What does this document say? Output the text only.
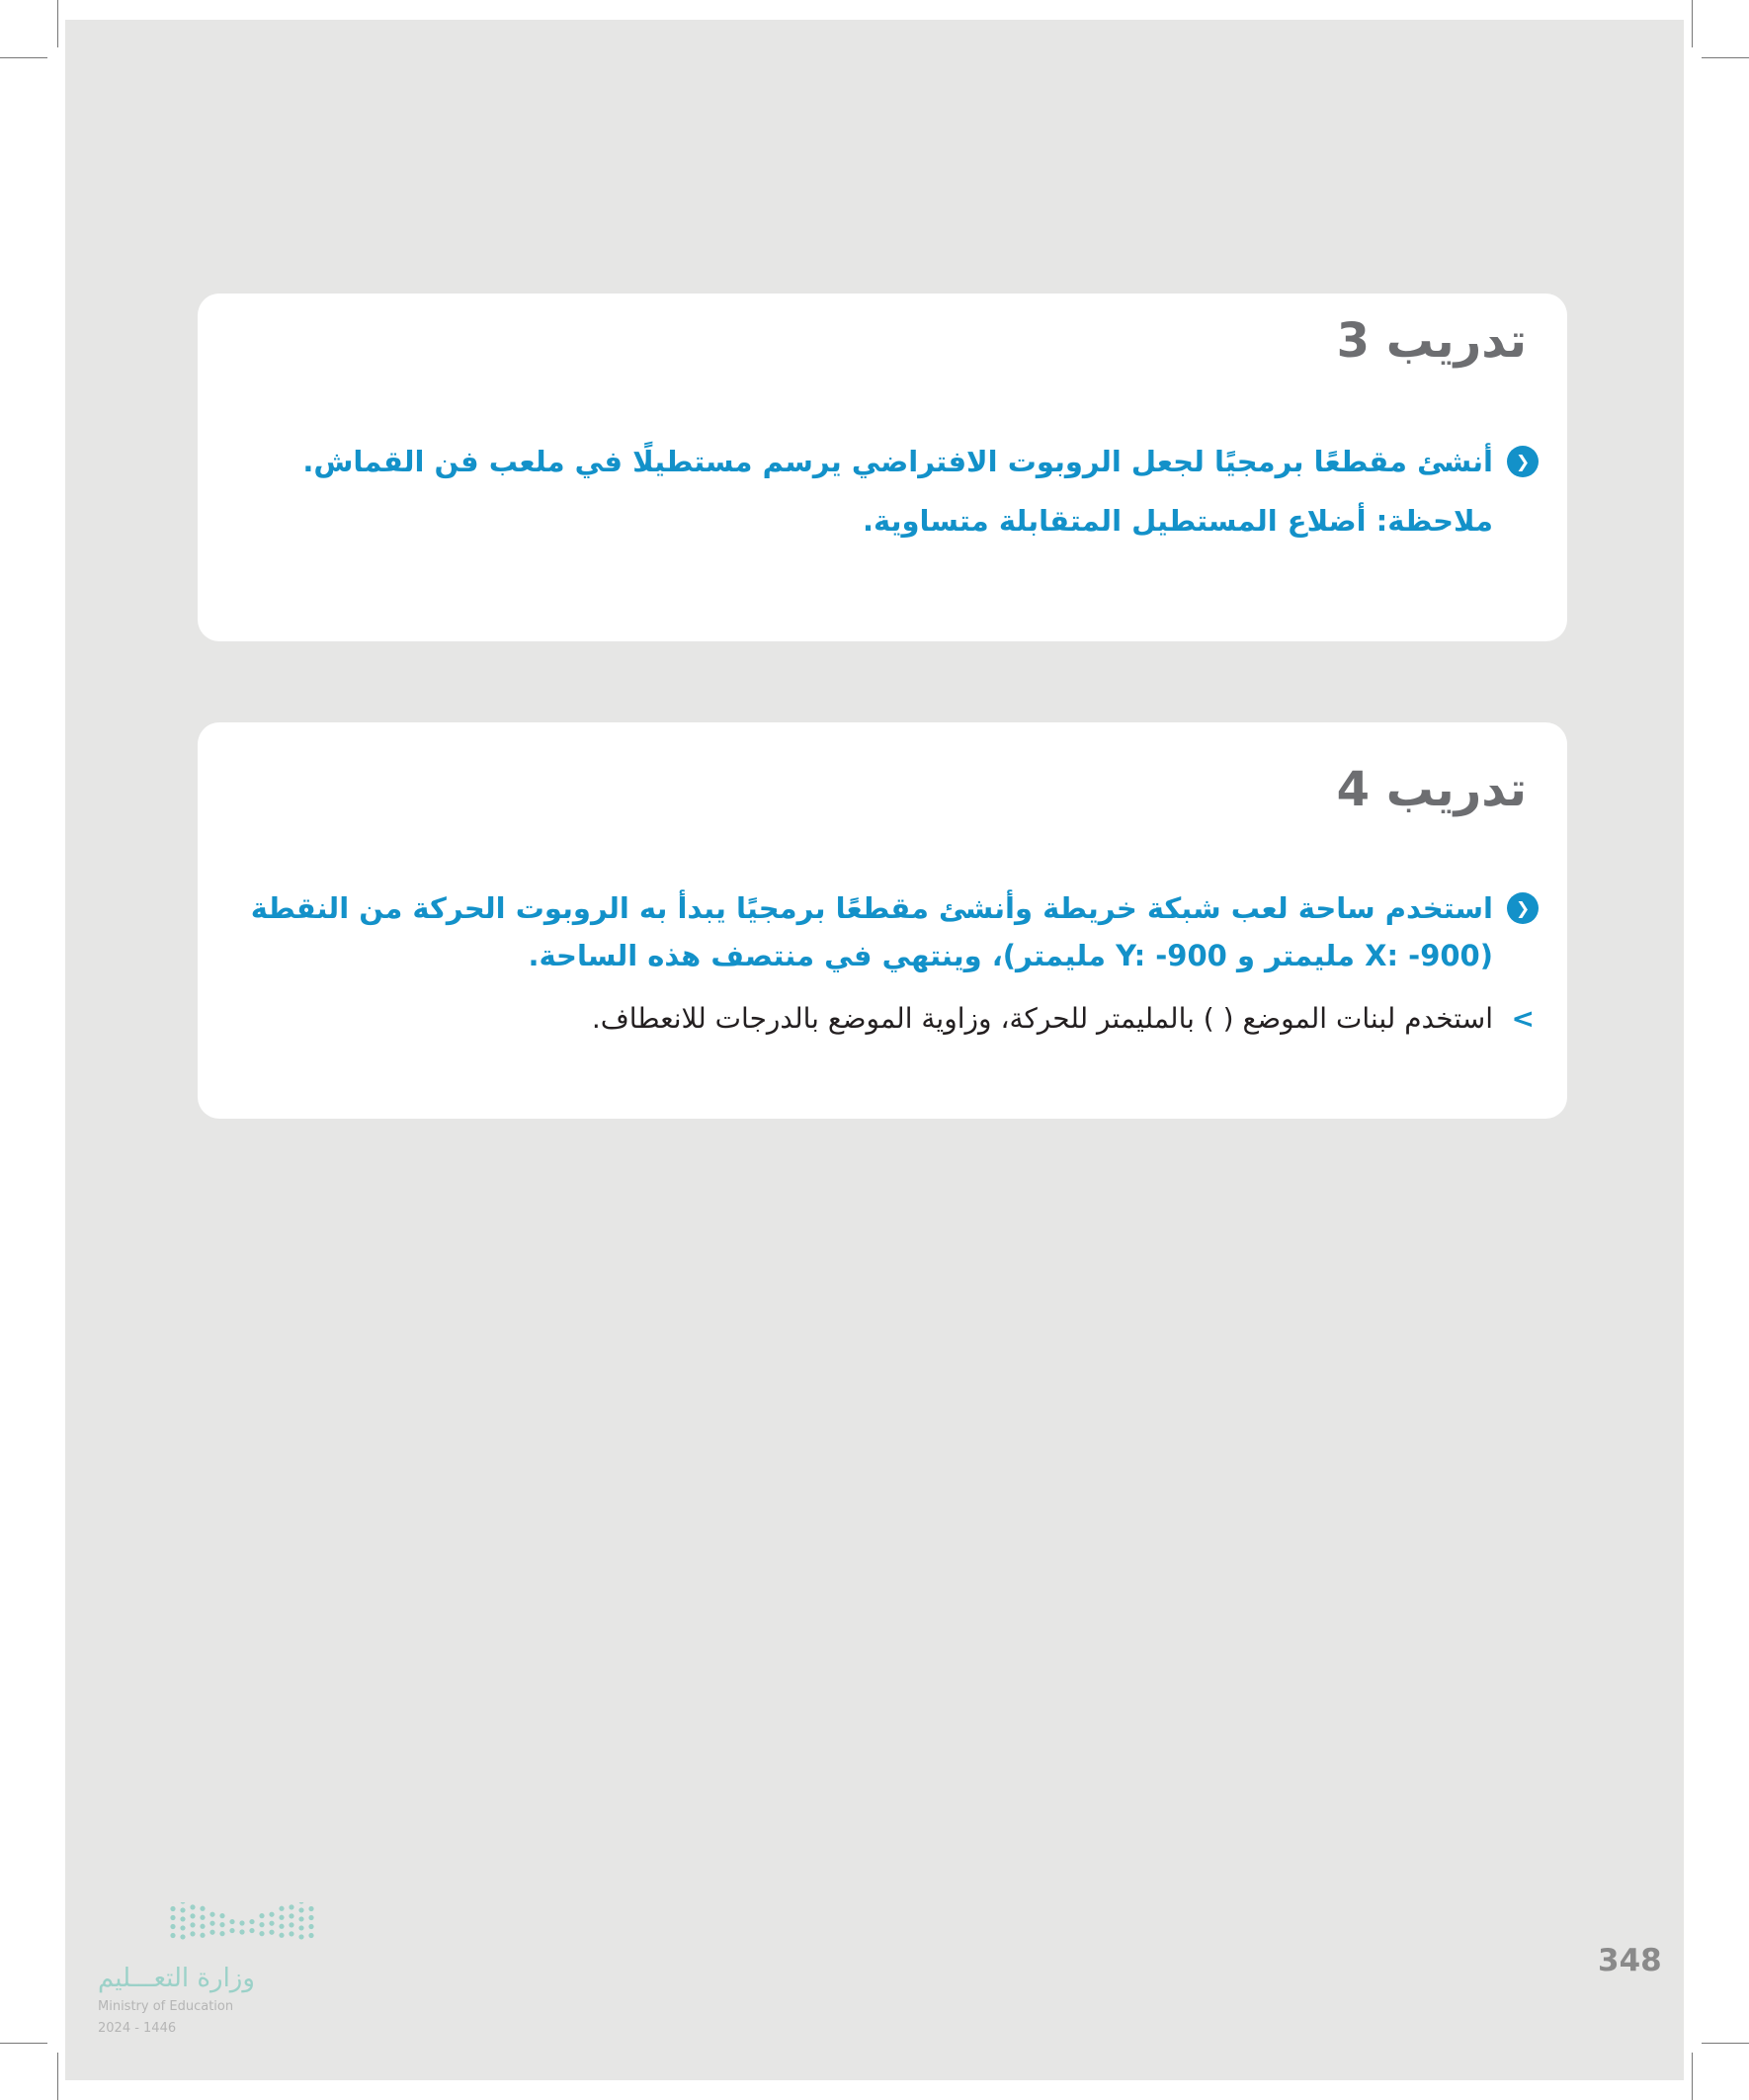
تدريب 3
❯
أنشئ مقطعًا برمجيًا لجعل الروبوت الافتراضي يرسم مستطيلًا في ملعب فن القماش.
ملاحظة: أضلاع المستطيل المتقابلة متساوية.
تدريب 4
❯
استخدم ساحة لعب شبكة خريطة وأنشئ مقطعًا برمجيًا يبدأ به الروبوت الحركة من النقطة
(X: -900 مليمتر و Y: -900 مليمتر)، وينتهي في منتصف هذه الساحة.
>
استخدم لبنات الموضع ( ) بالمليمتر للحركة، وزاوية الموضع بالدرجات للانعطاف.
348
وزارة التعـــليم
Ministry of Education
2024 - 1446
